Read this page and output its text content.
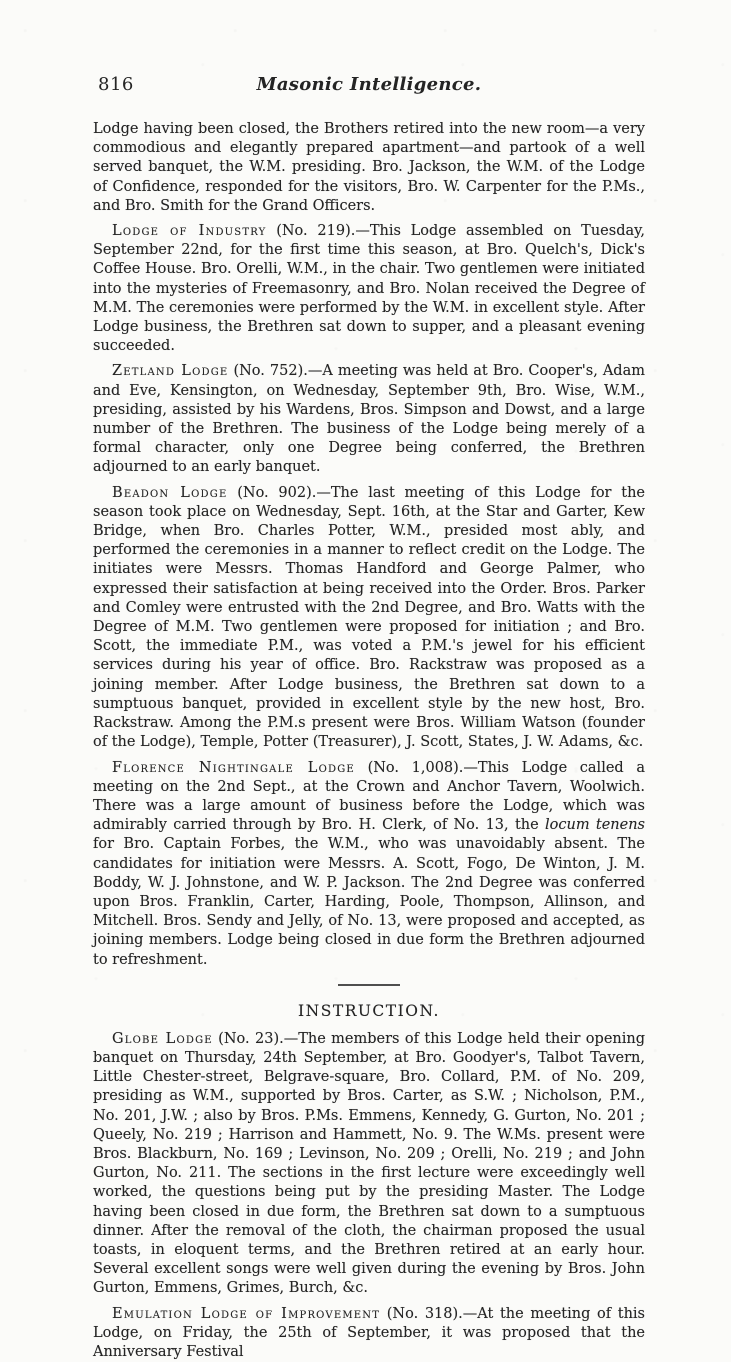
816	Masonic Intelligence.

Lodge having been closed, the Brothers retired into the new room—a very commodious and elegantly prepared apartment—and partook of a well served banquet, the W.M. presiding. Bro. Jackson, the W.M. of the Lodge of Confidence, responded for the visitors, Bro. W. Carpenter for the P.Ms., and Bro. Smith for the Grand Officers.

Lodge of Industry (No. 219).—This Lodge assembled on Tuesday, September 22nd, for the first time this season, at Bro. Quelch's, Dick's Coffee House. Bro. Orelli, W.M., in the chair. Two gentlemen were initiated into the mysteries of Freemasonry, and Bro. Nolan received the Degree of M.M. The ceremonies were performed by the W.M. in excellent style. After Lodge business, the Brethren sat down to supper, and a pleasant evening succeeded.

Zetland Lodge (No. 752).—A meeting was held at Bro. Cooper's, Adam and Eve, Kensington, on Wednesday, September 9th, Bro. Wise, W.M., presiding, assisted by his Wardens, Bros. Simpson and Dowst, and a large number of the Brethren. The business of the Lodge being merely of a formal character, only one Degree being conferred, the Brethren adjourned to an early banquet.

Beadon Lodge (No. 902).—The last meeting of this Lodge for the season took place on Wednesday, Sept. 16th, at the Star and Garter, Kew Bridge, when Bro. Charles Potter, W.M., presided most ably, and performed the ceremonies in a manner to reflect credit on the Lodge. The initiates were Messrs. Thomas Handford and George Palmer, who expressed their satisfaction at being received into the Order. Bros. Parker and Comley were entrusted with the 2nd Degree, and Bro. Watts with the Degree of M.M. Two gentlemen were proposed for initiation ; and Bro. Scott, the immediate P.M., was voted a P.M.'s jewel for his efficient services during his year of office. Bro. Rackstraw was proposed as a joining member. After Lodge business, the Brethren sat down to a sumptuous banquet, provided in excellent style by the new host, Bro. Rackstraw. Among the P.M.s present were Bros. William Watson (founder of the Lodge), Temple, Potter (Treasurer), J. Scott, States, J. W. Adams, &c.

Florence Nightingale Lodge (No. 1,008).—This Lodge called a meeting on the 2nd Sept., at the Crown and Anchor Tavern, Woolwich. There was a large amount of business before the Lodge, which was admirably carried through by Bro. H. Clerk, of No. 13, the locum tenens for Bro. Captain Forbes, the W.M., who was unavoidably absent. The candidates for initiation were Messrs. A. Scott, Fogo, De Winton, J. M. Boddy, W. J. Johnstone, and W. P. Jackson. The 2nd Degree was conferred upon Bros. Franklin, Carter, Harding, Poole, Thompson, Allinson, and Mitchell. Bros. Sendy and Jelly, of No. 13, were proposed and accepted, as joining members. Lodge being closed in due form the Brethren adjourned to refreshment.

INSTRUCTION.

Globe Lodge (No. 23).—The members of this Lodge held their opening banquet on Thursday, 24th September, at Bro. Goodyer's, Talbot Tavern, Little Chester-street, Belgrave-square, Bro. Collard, P.M. of No. 209, presiding as W.M., supported by Bros. Carter, as S.W. ; Nicholson, P.M., No. 201, J.W. ; also by Bros. P.Ms. Emmens, Kennedy, G. Gurton, No. 201 ; Queely, No. 219 ; Harrison and Hammett, No. 9. The W.Ms. present were Bros. Blackburn, No. 169 ; Levinson, No. 209 ; Orelli, No. 219 ; and John Gurton, No. 211. The sections in the first lecture were exceedingly well worked, the questions being put by the presiding Master. The Lodge having been closed in due form, the Brethren sat down to a sumptuous dinner. After the removal of the cloth, the chairman proposed the usual toasts, in eloquent terms, and the Brethren retired at an early hour. Several excellent songs were well given during the evening by Bros. John Gurton, Emmens, Grimes, Burch, &c.

Emulation Lodge of Improvement (No. 318).—At the meeting of this Lodge, on Friday, the 25th of September, it was proposed that the Anniversary Festival
